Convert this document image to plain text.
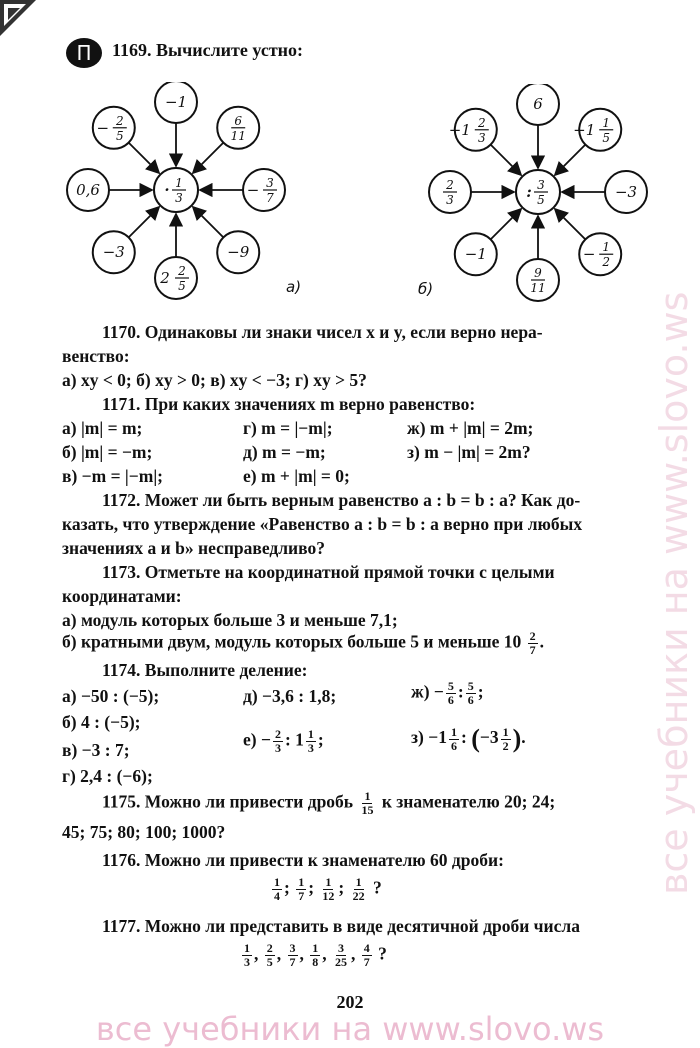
П	1169. Вычислите устно:
−1
6
11
− 3
7
−9
2 2
5
−3
0,6
− 2
5
· 1
3
а)
6
−1 1
5
−3
− 1
2
9
11
−1
2
3
−1 2
3
: 3
5
б)
1170. Одинаковы ли знаки чисел x и y, если верно нера-
венство:
а) xy < 0; б) xy > 0; в) xy < −3; г) xy > 5?
1171. При каких значениях m верно равенство:
а) |m| = m;	г) m = |−m|;	ж) m + |m| = 2m;
б) |m| = −m;	д) m = −m;	з) m − |m| = 2m?
в) −m = |−m|;	е) m + |m| = 0;
1172. Может ли быть верным равенство a : b = b : a? Как до-
казать, что утверждение «Равенство a : b = b : a верно при любых
значениях a и b» несправедливо?
1173. Отметьте на координатной прямой точки с целыми
координатами:
а) модуль которых больше 3 и меньше 7,1;
б) кратными двум, модуль которых больше 5 и меньше $10 \frac{2}{7}$ .
1174. Выполните деление:
а) −50 : (−5);	д) −3,6 : 1,8;	$ж) - \frac{5}{6}$ : $\frac{5}{6}$ ;
б) 4 : (−5);
в) −3 : 7;
$е) - \frac{2}{3}$ : $1 \frac{1}{3}$ ;	$з) -1 \frac{1}{6}$ : ($-3 \frac{1}{2}$ ).
г) 2,4 : (−6);
1175. Можно ли привести дробь $\frac{1}{15}$ к знаменателю 20; 24;
45; 75; 80; 100; 1000?
1176. Можно ли привести к знаменателю 60 дроби:
$\frac{1}{4}$ ; $\frac{1}{7}$ ; $\frac{1}{12}$ ; $\frac{1}{22}$ ?
1177. Можно ли представить в виде десятичной дроби числа
$\frac{1}{3}$ , $\frac{2}{5}$ , $\frac{3}{7}$ , $\frac{1}{8}$ , $\frac{3}{25}$ , $\frac{4}{7}$ ?
202
все учебники на www.slovo.ws
все учебники на www.slovo.ws
